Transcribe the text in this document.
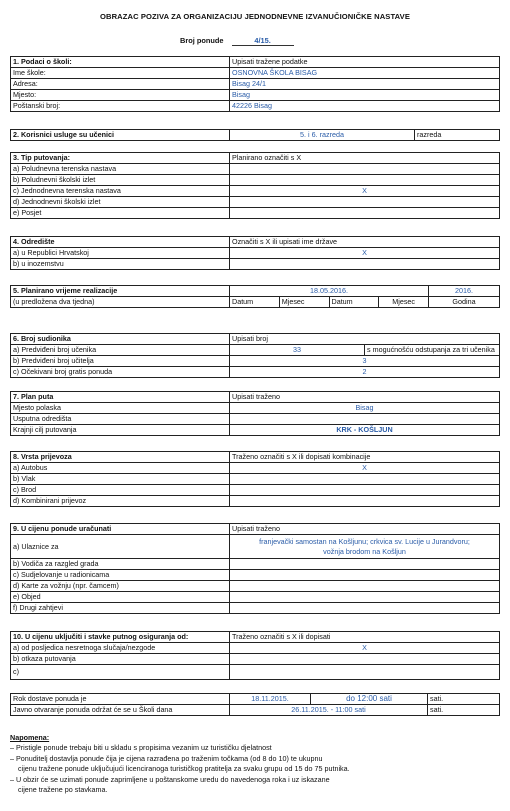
OBRAZAC POZIVA ZA ORGANIZACIJU JEDNODNEVNE IZVANUČIONIČKE NASTAVE
Broj ponude	4/15.
1. Podaci o školi:	Upisati tražene podatke
Ime škole:	OSNOVNA ŠKOLA BISAG
Adresa:	Bisag 24/1
Mjesto:	Bisag
Poštanski broj:	42226 Bisag
2. Korisnici usluge su učenici	5. i 6. razreda	razreda
3. Tip putovanja:	Planirano označiti s X
a) Poludnevna terenska nastava	
b) Poludnevni školski izlet	
c) Jednodnevna terenska nastava	X
d) Jednodnevni školski izlet	
e) Posjet	
4. Odredište	Označiti s X ili upisati ime države
a) u Republici Hrvatskoj	X
b) u inozemstvu	
5. Planirano vrijeme realizacije	18.05.2016.				2016.
(u predložena dva tjedna)	Datum	Mjesec	Datum	Mjesec	Godina
6. Broj sudionika	Upisati broj	
a) Predviđeni broj učenika	33	s mogućnošću odstupanja za tri učenika
b) Predviđeni broj učitelja	3	
c) Očekivani broj gratis ponuda	2	
7. Plan puta	Upisati traženo
Mjesto polaska	Bisag
Usputna odredišta	
Krajnji cilj putovanja	KRK - KOŠLJUN
8. Vrsta prijevoza	Traženo označiti s X ili dopisati kombinacije
a) Autobus	X
b) Vlak	
c) Brod	
d) Kombinirani prijevoz	
9. U cijenu ponude uračunati	Upisati traženo
a) Ulaznice za	franjevački samostan na Košljunu; crkvica sv. Lucije u Jurandvoru;
vožnja brodom na Košljun

b) Vodiča za razgled grada	
c) Sudjelovanje u radionicama	
d) Karte za vožnju (npr. čamcem)	
e) Objed	
f) Drugi zahtjevi	
10. U cijenu uključiti i stavke putnog osiguranja od:	Traženo označiti s X ili dopisati
a) od posljedica nesretnoga slučaja/nezgode	X
b) otkaza putovanja	
c)	
Rok dostave ponuda je	18.11.2015.	do 12:00 sati	sati.
Javno otvaranje ponuda održat će se u Školi dana	26.11.2015. - 11:00 sati		sati.
Napomena:
– Pristigle ponude trebaju biti u skladu s propisima vezanim uz turističku djelatnost
– Ponuditelj dostavlja ponude čija je cijena razrađena po traženim točkama (od 8 do 10) te ukupnu
cijenu tražene ponude uključujući licenciranoga turističkog pratitelja za svaku grupu od 15 do 75 putnika.
– U obzir će se uzimati ponude zaprimljene u poštanskome uredu do navedenoga roka i uz iskazane
cijene tražene po stavkama.
